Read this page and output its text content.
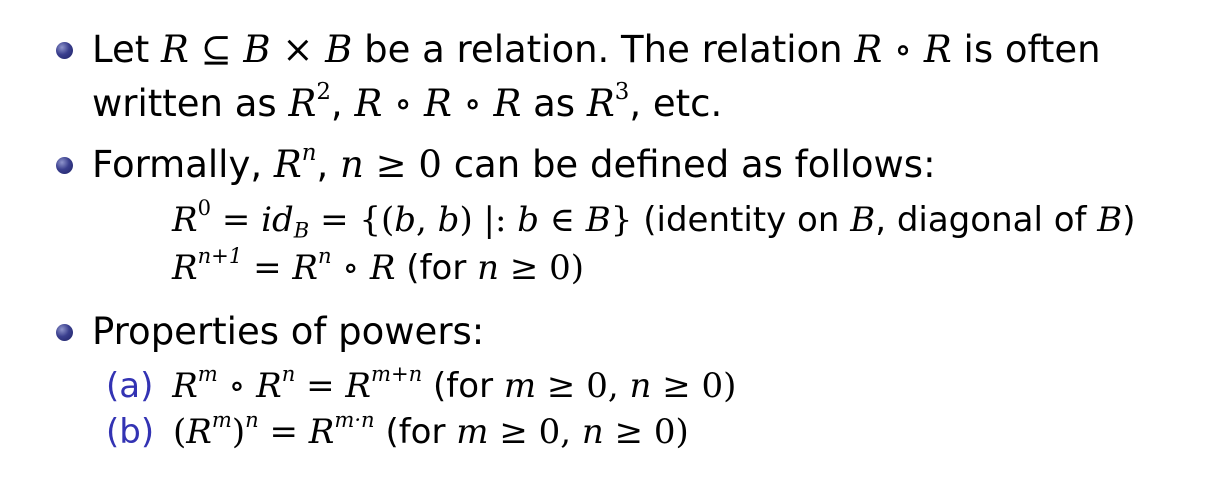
Let R ⊆ B × B be a relation. The relation R ∘ R is often
written as $R^2$, R ∘ R ∘ R as $R^3$, etc.
Formally, $R^n$, n ≥ 0 can be defined as follows:
$R^0 = id_B = \{(b$, b) |: b ∈ B} (identity on B, diagonal of B)
$R^{n+1} = R^n$ ∘ R (for n ≥ 0)
Properties of powers:
(a) $R^m$ ∘ $R^n = R^{m+n}$ (for m ≥ 0, n ≥ 0)
(b) $(R^m)^n = R^{m\cdot n}$ (for m ≥ 0, n ≥ 0)
